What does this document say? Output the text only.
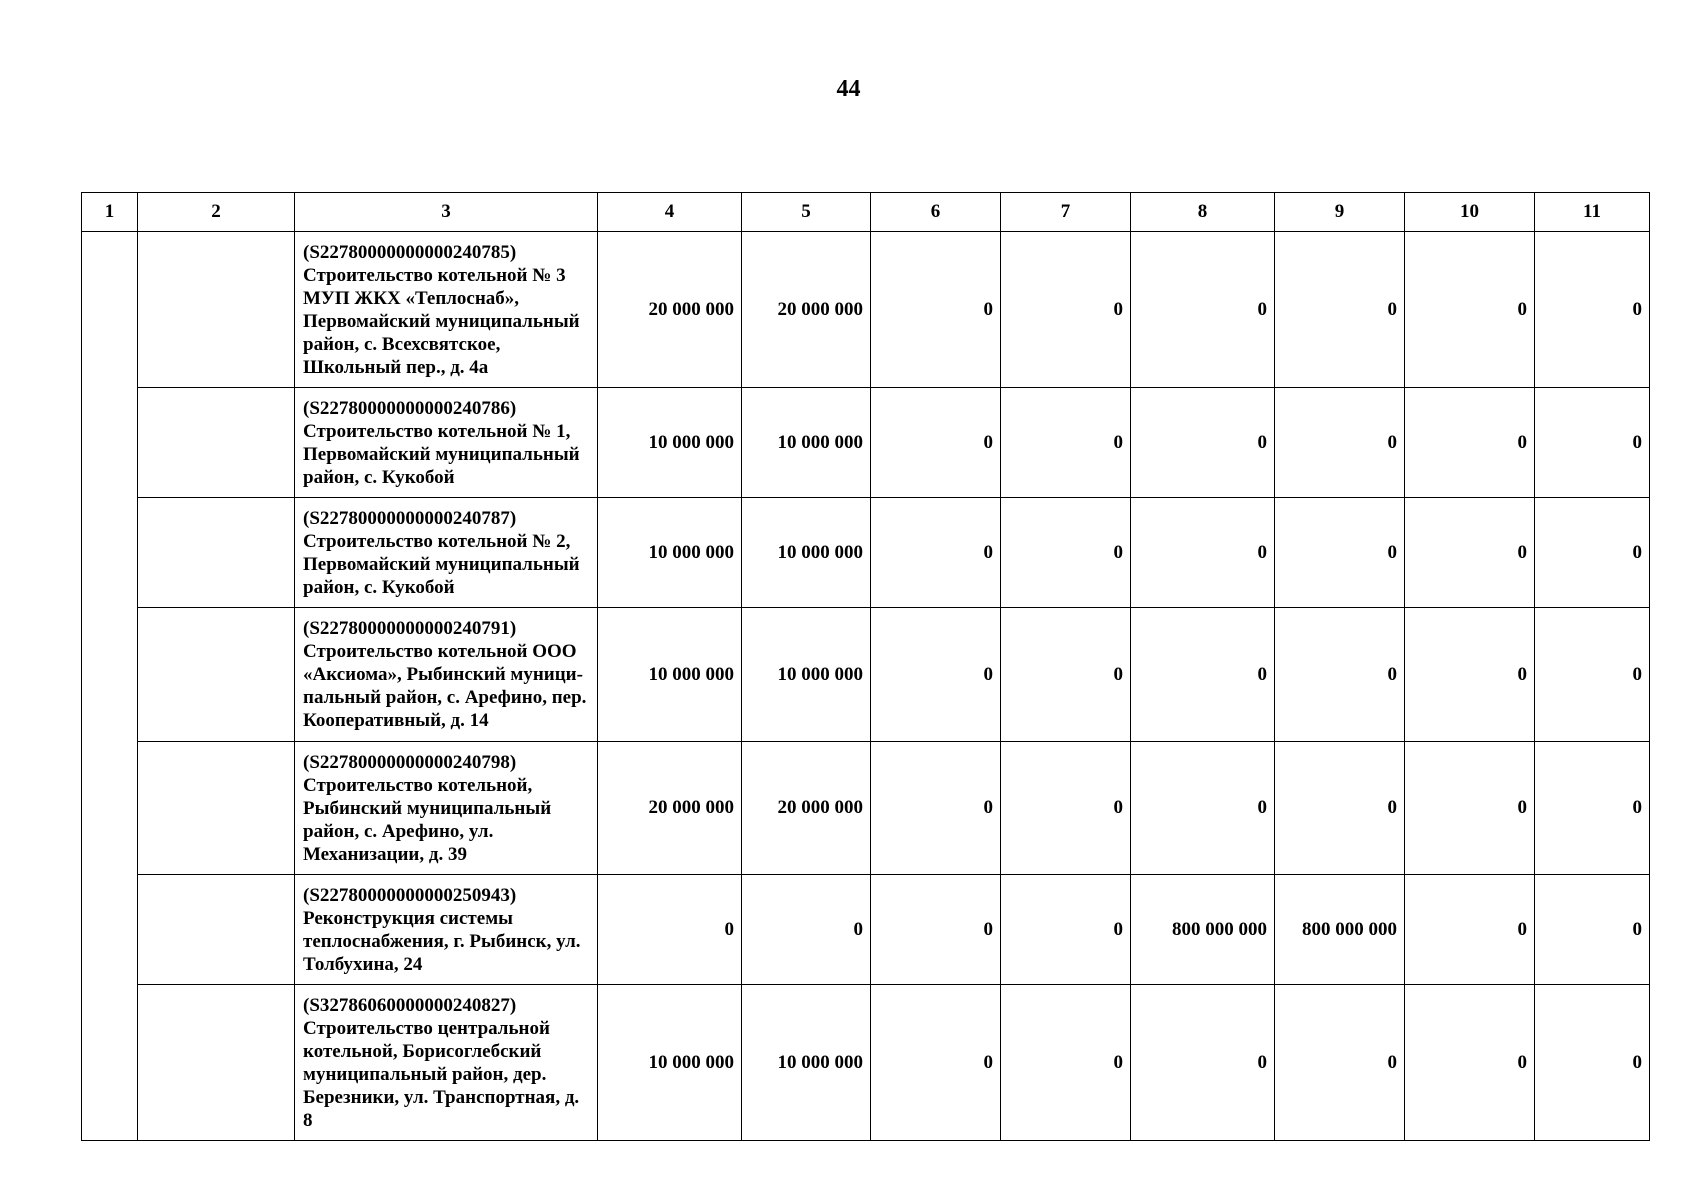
44
1	2	3	4	5	6	7	8	9	10	11
		(S22780000000000240785) Строительство котельной № 3 МУП ЖКХ «Теплоснаб», Первомайский муниципальный район, с. Всехсвятское, Школьный пер., д. 4а	20 000 000	20 000 000	0	0	0	0	0	0
		(S22780000000000240786) Строительство котельной № 1, Первомайский муниципальный район, с. Кукобой	10 000 000	10 000 000	0	0	0	0	0	0
		(S22780000000000240787) Строительство котельной № 2, Первомайский муниципальный район, с. Кукобой	10 000 000	10 000 000	0	0	0	0	0	0
		(S22780000000000240791) Строительство котельной ООО «Аксиома», Рыбинский муници-пальный район, с. Арефино, пер. Кооперативный, д. 14	10 000 000	10 000 000	0	0	0	0	0	0
		(S22780000000000240798) Строительство котельной, Рыбинский муниципальный район, с. Арефино, ул. Механизации, д. 39	20 000 000	20 000 000	0	0	0	0	0	0
		(S22780000000000250943) Реконструкция системы теплоснабжения, г. Рыбинск, ул. Толбухина, 24	0	0	0	0	800 000 000	800 000 000	0	0
		(S32786060000000240827) Строительство центральной котельной, Борисоглебский муниципальный район, дер. Березники, ул. Транспортная, д. 8	10 000 000	10 000 000	0	0	0	0	0	0
